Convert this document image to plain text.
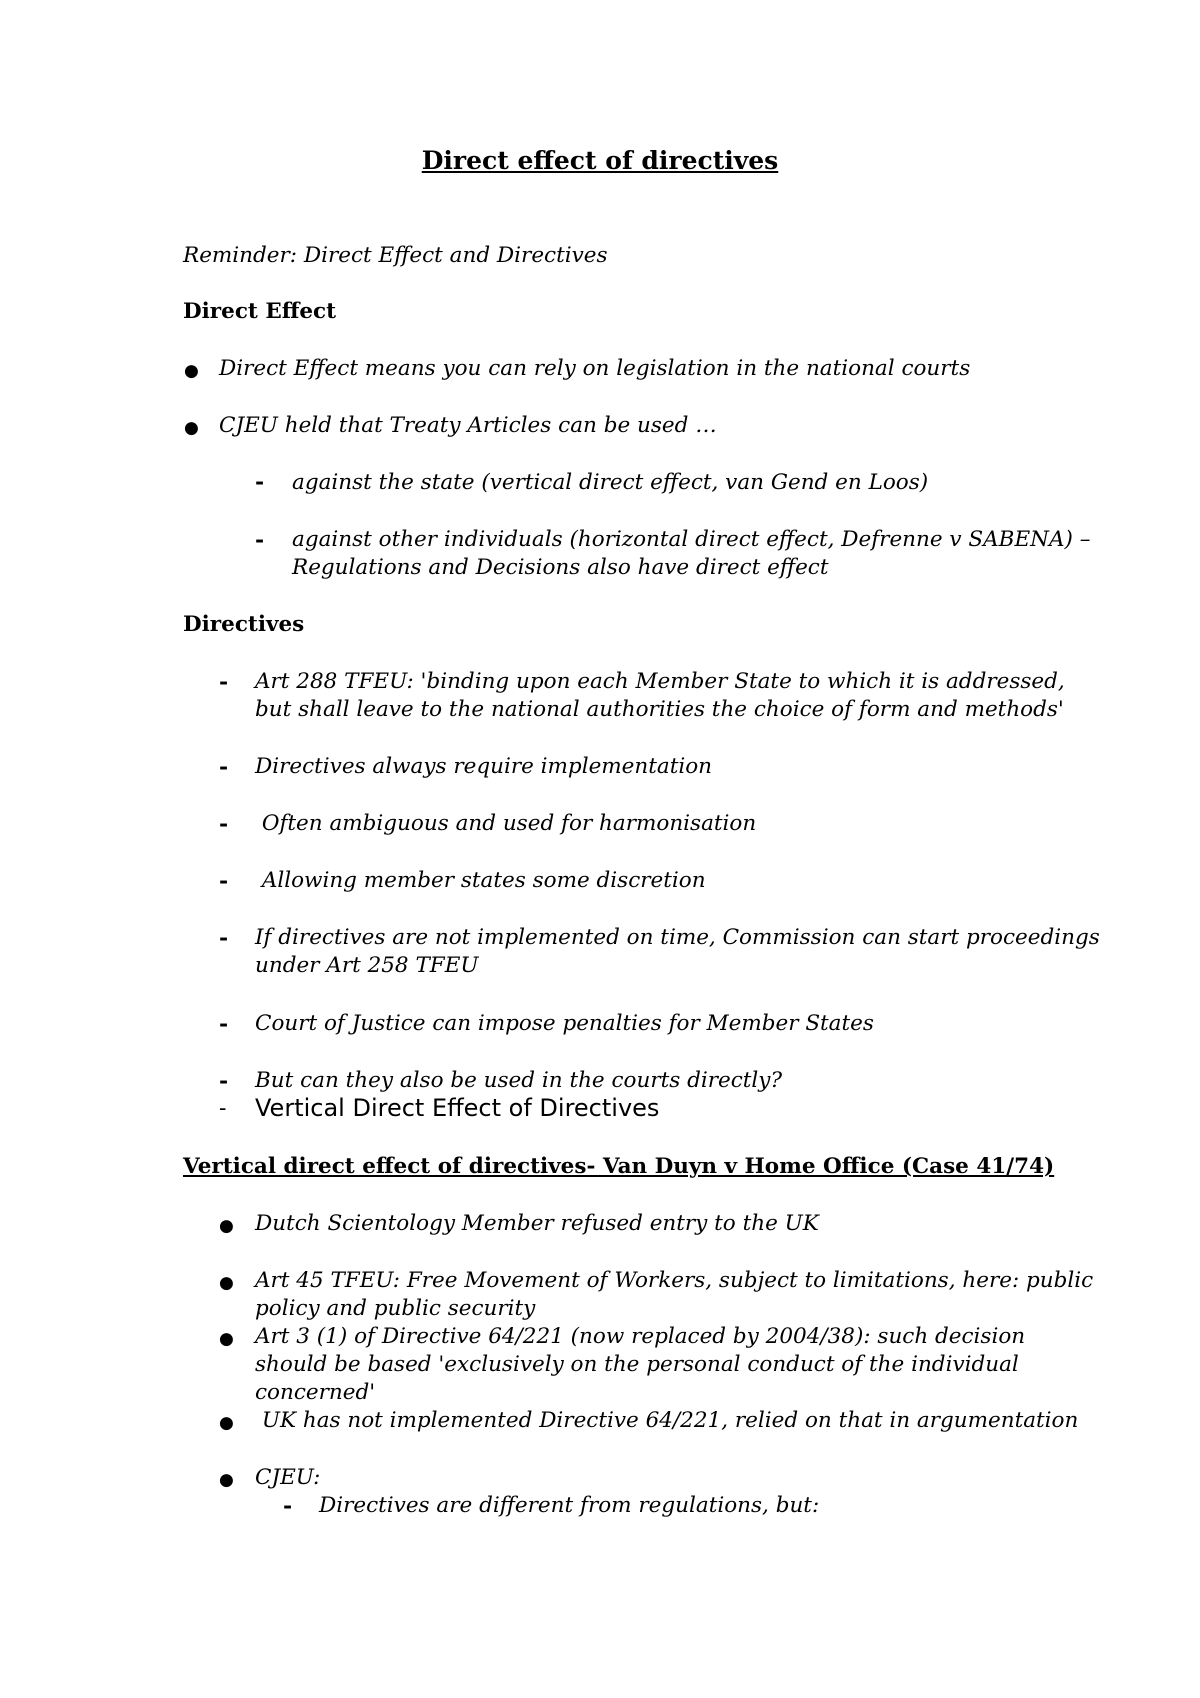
Direct effect of directives
Reminder: Direct Effect and Directives
Direct Effect
● Direct Effect means you can rely on legislation in the national courts
● CJEU held that Treaty Articles can be used …
- against the state (vertical direct effect, van Gend en Loos)
- against other individuals (horizontal direct effect, Defrenne v SABENA) –
Regulations and Decisions also have direct effect
Directives
- Art 288 TFEU: 'binding upon each Member State to which it is addressed,
but shall leave to the national authorities the choice of form and methods'
- Directives always require implementation
- Often ambiguous and used for harmonisation
- Allowing member states some discretion
- If directives are not implemented on time, Commission can start proceedings
under Art 258 TFEU
- Court of Justice can impose penalties for Member States
- But can they also be used in the courts directly?
- Vertical Direct Effect of Directives
Vertical direct effect of directives- Van Duyn v Home Office (Case 41/74)
● Dutch Scientology Member refused entry to the UK
● Art 45 TFEU: Free Movement of Workers, subject to limitations, here: public
policy and public security
● Art 3 (1) of Directive 64/221 (now replaced by 2004/38): such decision
should be based 'exclusively on the personal conduct of the individual
concerned'
● UK has not implemented Directive 64/221, relied on that in argumentation
● CJEU:
- Directives are different from regulations, but:
